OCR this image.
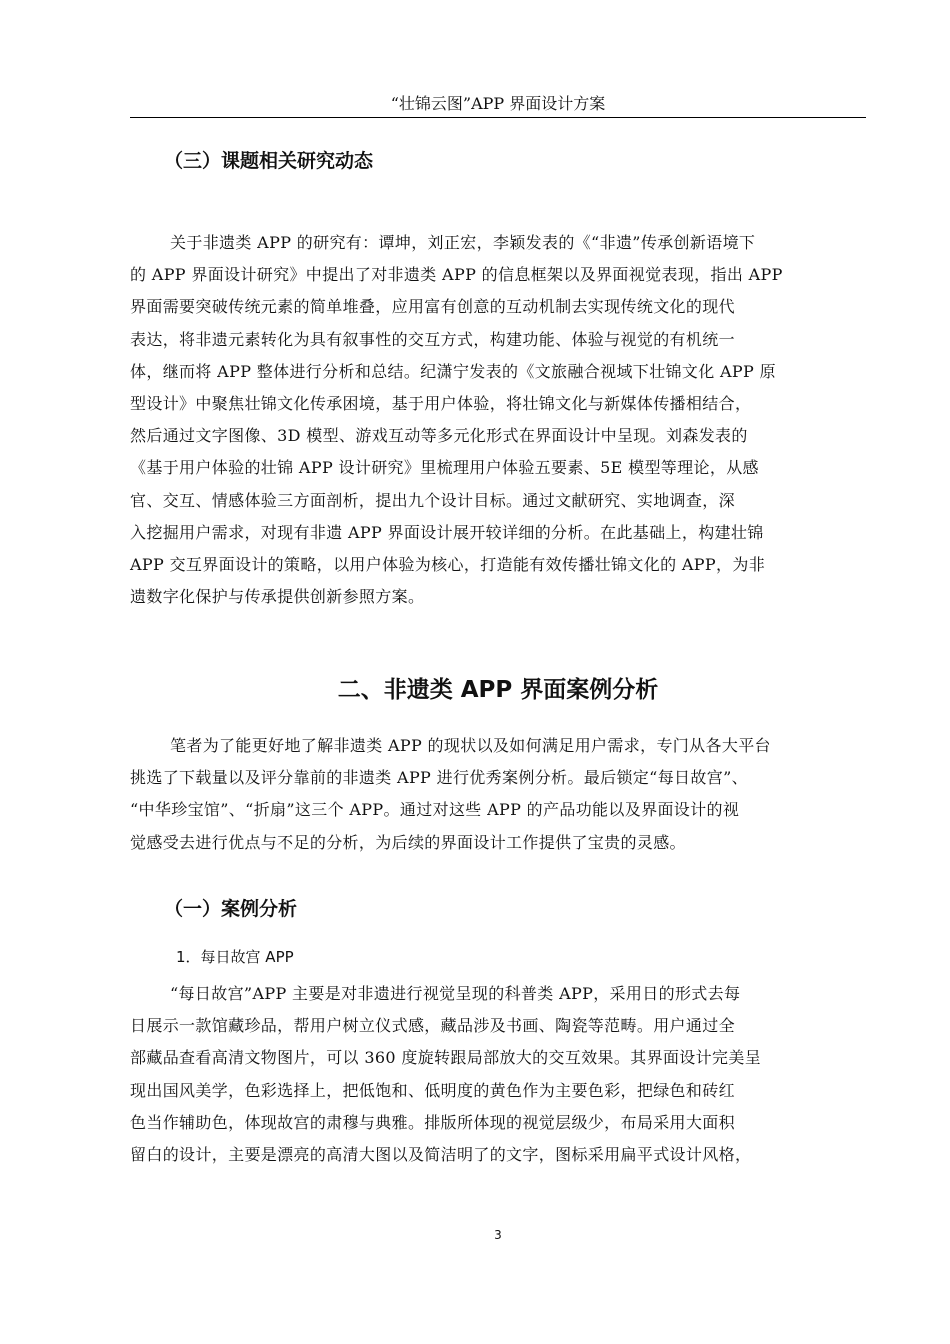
“壮锦云图”APP 界面设计方案
（三）课题相关研究动态
关于非遗类 APP 的研究有：谭坤，刘正宏，李颖发表的《“非遗”传承创新语境下
的 APP 界面设计研究》中提出了对非遗类 APP 的信息框架以及界面视觉表现，指出 APP
界面需要突破传统元素的简单堆叠，应用富有创意的互动机制去实现传统文化的现代
表达，将非遗元素转化为具有叙事性的交互方式，构建功能、体验与视觉的有机统一
体，继而将 APP 整体进行分析和总结。纪潇宁发表的《文旅融合视域下壮锦文化 APP 原
型设计》中聚焦壮锦文化传承困境，基于用户体验，将壮锦文化与新媒体传播相结合，
然后通过文字图像、3D 模型、游戏互动等多元化形式在界面设计中呈现。刘森发表的
《基于用户体验的壮锦 APP 设计研究》里梳理用户体验五要素、5E 模型等理论，从感
官、交互、情感体验三方面剖析，提出九个设计目标。通过文献研究、实地调查，深
入挖掘用户需求，对现有非遗 APP 界面设计展开较详细的分析。在此基础上，构建壮锦
APP 交互界面设计的策略，以用户体验为核心，打造能有效传播壮锦文化的 APP，为非
遗数字化保护与传承提供创新参照方案。
二、非遗类 APP 界面案例分析
笔者为了能更好地了解非遗类 APP 的现状以及如何满足用户需求，专门从各大平台
挑选了下载量以及评分靠前的非遗类 APP 进行优秀案例分析。最后锁定“每日故宫”、
“中华珍宝馆”、“折扇”这三个 APP。通过对这些 APP 的产品功能以及界面设计的视
觉感受去进行优点与不足的分析，为后续的界面设计工作提供了宝贵的灵感。
（一）案例分析
1．每日故宫 APP
“每日故宫”APP 主要是对非遗进行视觉呈现的科普类 APP，采用日的形式去每
日展示一款馆藏珍品，帮用户树立仪式感，藏品涉及书画、陶瓷等范畴。用户通过全
部藏品查看高清文物图片，可以 360 度旋转跟局部放大的交互效果。其界面设计完美呈
现出国风美学，色彩选择上，把低饱和、低明度的黄色作为主要色彩，把绿色和砖红
色当作辅助色，体现故宫的肃穆与典雅。排版所体现的视觉层级少，布局采用大面积
留白的设计，主要是漂亮的高清大图以及简洁明了的文字，图标采用扁平式设计风格，
3
